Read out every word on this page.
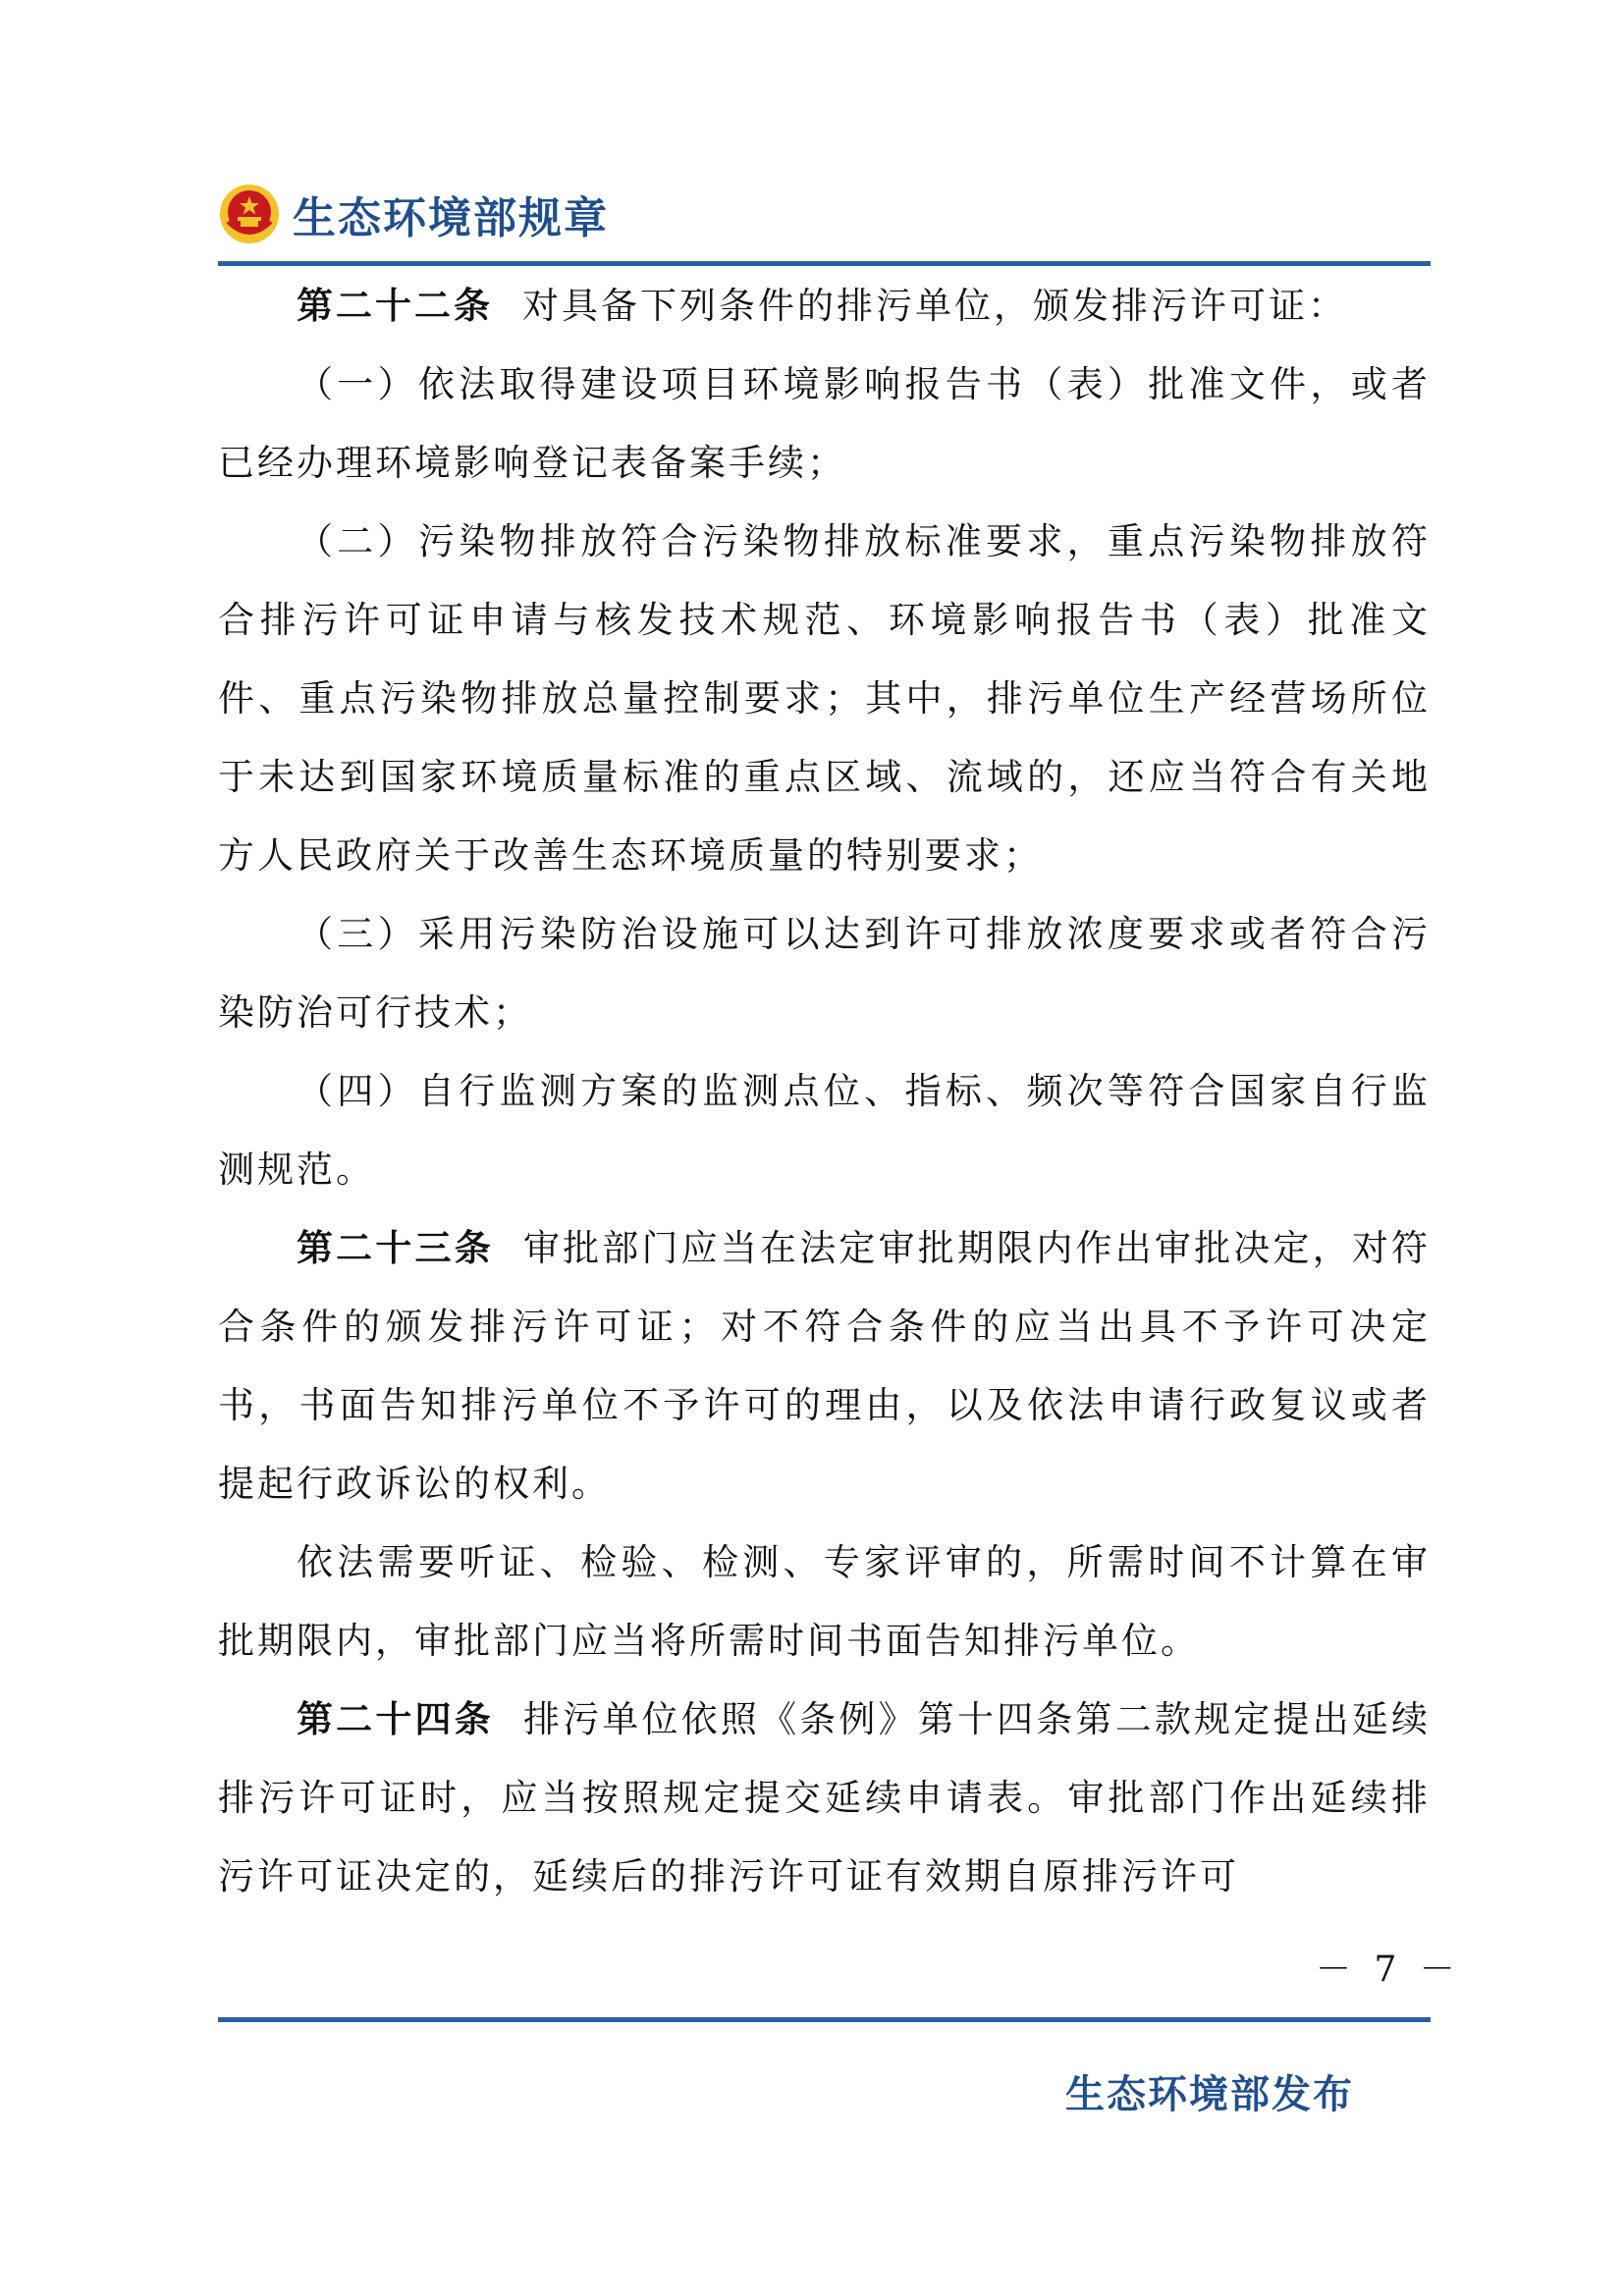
生态环境部规章

第二十二条 对具备下列条件的排污单位，颁发排污许可证：

（一）依法取得建设项目环境影响报告书（表）批准文件，或者已经办理环境影响登记表备案手续；

（二）污染物排放符合污染物排放标准要求，重点污染物排放符合排污许可证申请与核发技术规范、环境影响报告书（表）批准文件、重点污染物排放总量控制要求；其中，排污单位生产经营场所位于未达到国家环境质量标准的重点区域、流域的，还应当符合有关地方人民政府关于改善生态环境质量的特别要求；

（三）采用污染防治设施可以达到许可排放浓度要求或者符合污染防治可行技术；

（四）自行监测方案的监测点位、指标、频次等符合国家自行监测规范。

第二十三条 审批部门应当在法定审批期限内作出审批决定，对符合条件的颁发排污许可证；对不符合条件的应当出具不予许可决定书，书面告知排污单位不予许可的理由，以及依法申请行政复议或者提起行政诉讼的权利。

依法需要听证、检验、检测、专家评审的，所需时间不计算在审批期限内，审批部门应当将所需时间书面告知排污单位。

第二十四条 排污单位依照《条例》第十四条第二款规定提出延续排污许可证时，应当按照规定提交延续申请表。审批部门作出延续排污许可证决定的，延续后的排污许可证有效期自原排污许可

－ 7 －
生态环境部发布
